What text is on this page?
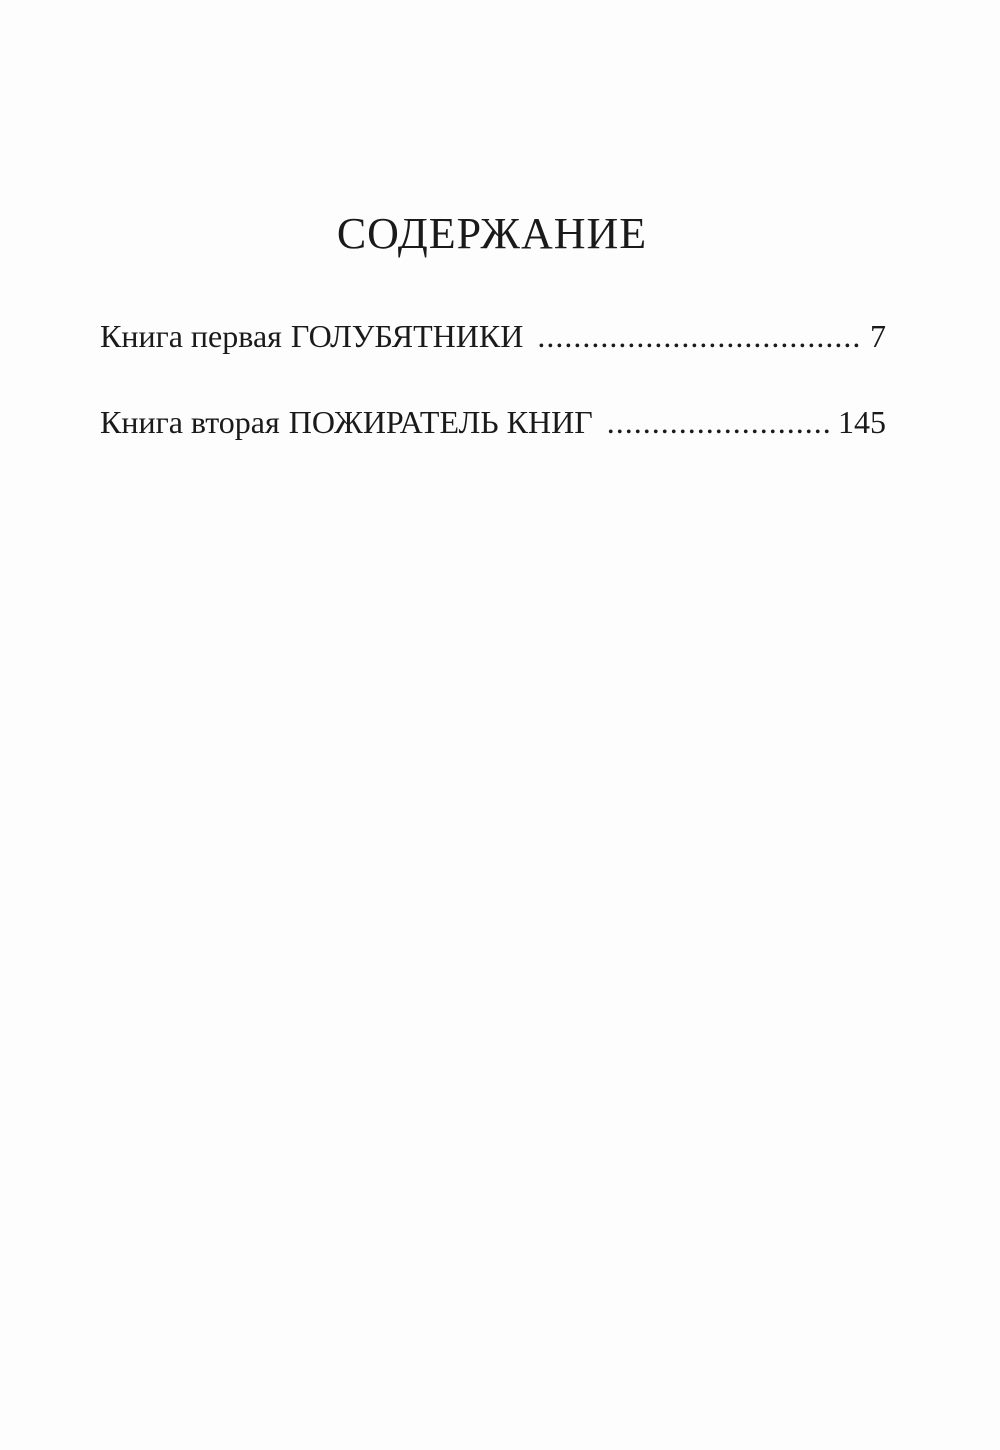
СОДЕРЖАНИЕ
Книга первая ГОЛУБЯТНИКИ .....	7
Книга вторая ПОЖИРАТЕЛЬ КНИГ .....	145
